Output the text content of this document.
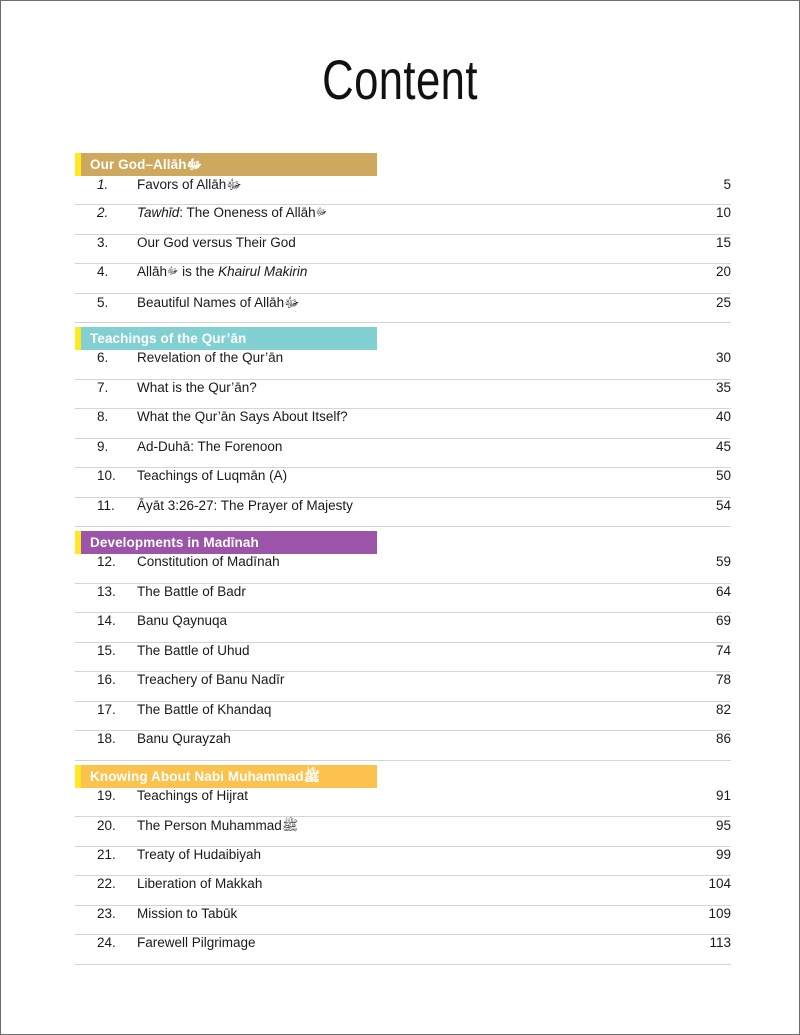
Content
Our God–Allāhﷻ
1.	Favors of Allāhﷻ	5
2.	Tawhīd: The Oneness of Allāhﷻ	10
3.	Our God versus Their God	15
4.	Allāhﷻ is the Khairul Makirin	20
5.	Beautiful Names of Allāhﷻ	25
Teachings of the Qur’ān
6.	Revelation of the Qur’ān	30
7.	What is the Qur’ān?	35
8.	What the Qur’ān Says About Itself?	40
9.	Ad-Duhā: The Forenoon	45
10.	Teachings of Luqmān (A)	50
11.	Āyāt 3:26-27: The Prayer of Majesty	54
Developments in Madīnah
12.	Constitution of Madīnah	59
13.	The Battle of Badr	64
14.	Banu Qaynuqa	69
15.	The Battle of Uhud	74
16.	Treachery of Banu Nadīr	78
17.	The Battle of Khandaq	82
18.	Banu Qurayzah	86
Knowing About Nabi Muhammadﷺ
19.	Teachings of Hijrat	91
20.	The Person Muhammadﷺ	95
21.	Treaty of Hudaibiyah	99
22.	Liberation of Makkah	104
23.	Mission to Tabūk	109
24.	Farewell Pilgrimage	113
